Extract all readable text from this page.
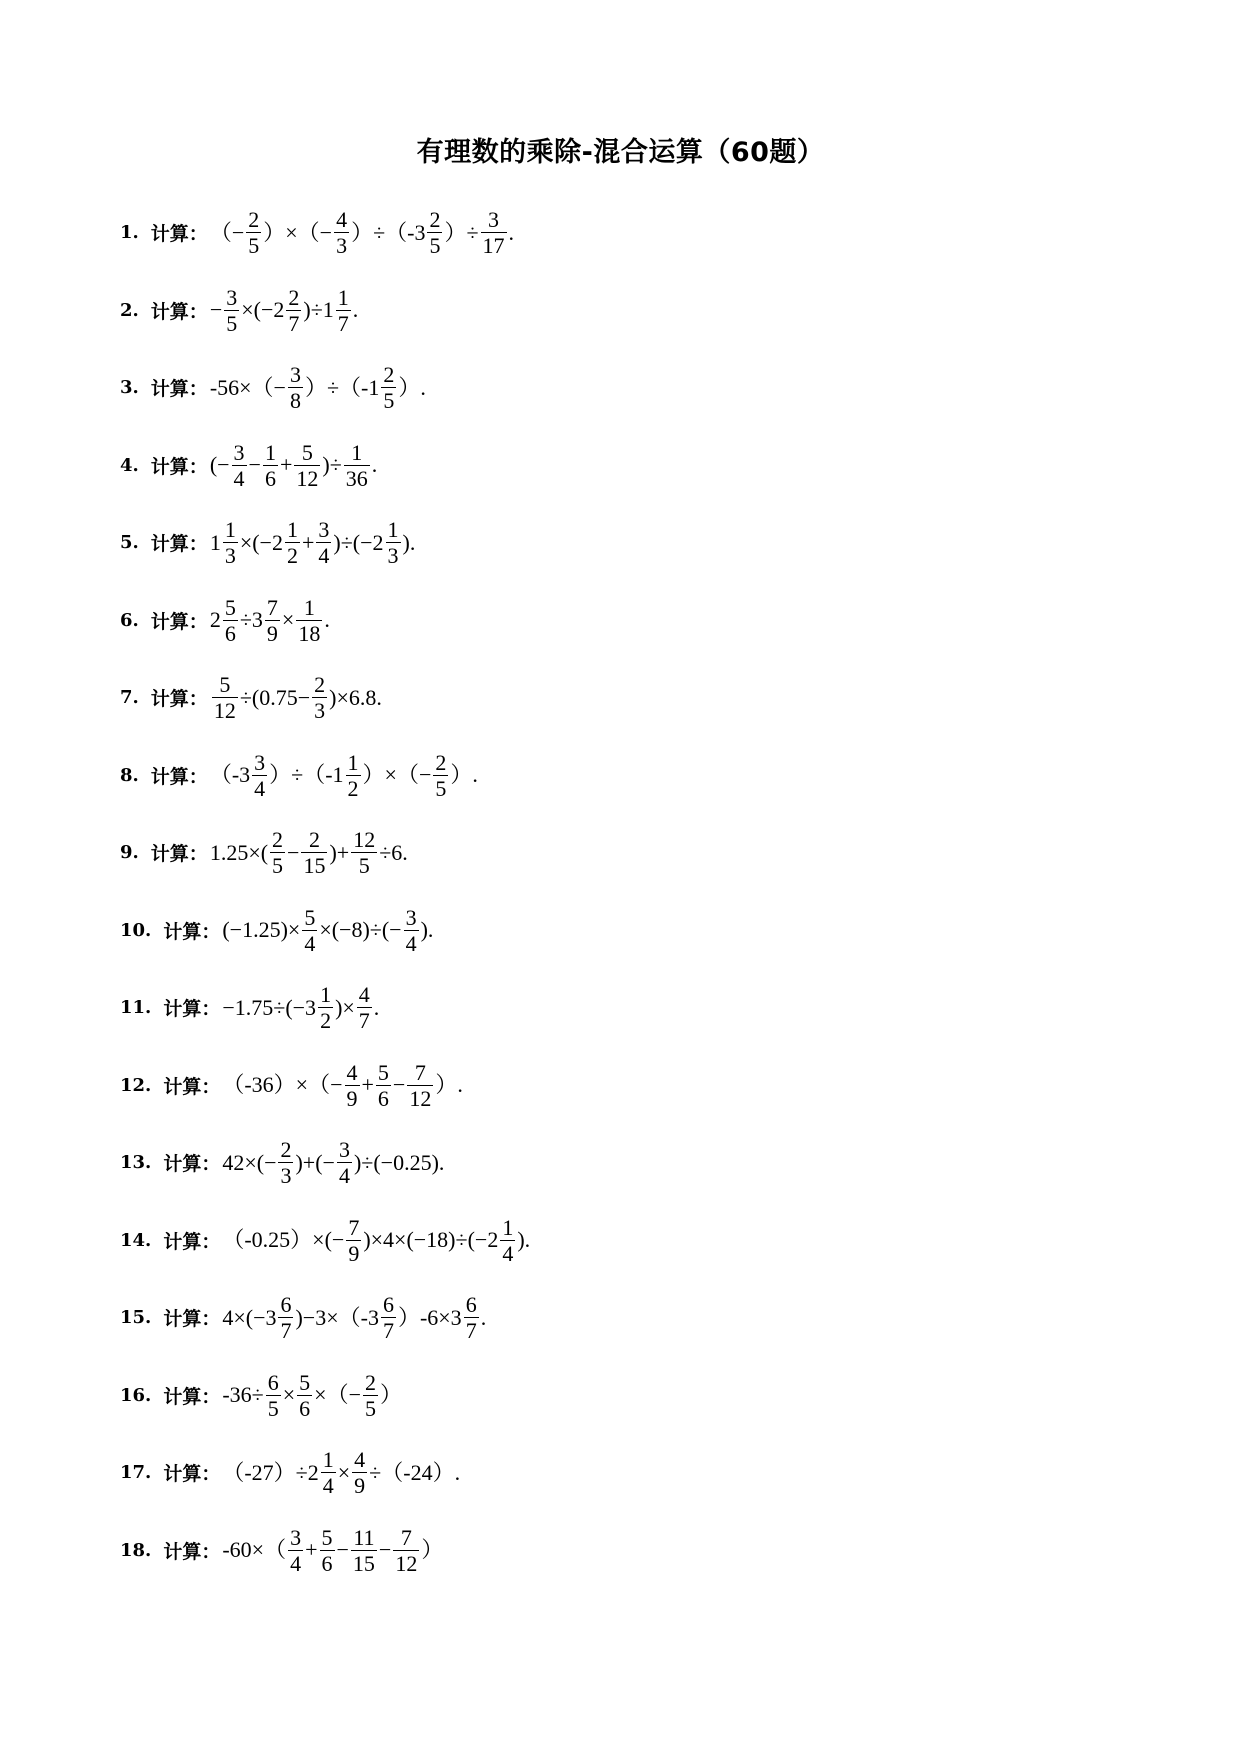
有理数的乘除-混合运算（60题）
1. 计算： （− $\frac{2}{5}$ ）×（− $\frac{4}{3} )\div(-3 \frac{2}{5}$ ）÷ $\frac{3}{17}$ .
2. 计算： − $\frac{3}{5} \times(-2 \frac{2}{7} )\div 1 \frac{1}{7}$ .
3. 计算： $-56\times(- \frac{3}{8} )\div(-1 \frac{2}{5}$ ）.
4. 计算： (− $\frac{3}{4} - \frac{1}{6} + \frac{5}{12}$ )÷ $\frac{1}{36}$ .
5. 计算： $1 \frac{1}{3} \times(-2 \frac{1}{2} + \frac{3}{4} )\div(-2 \frac{1}{3}$ ).
6. 计算： $2 \frac{5}{6} \div 3 \frac{7}{9} \times \frac{1}{18}$ .
7. 计算： $\frac{5}{12} \div(0.75- \frac{2}{3} )\times 6.8$.
8. 计算： $(-3 \frac{3}{4} )\div(-1 \frac{1}{2}$ ）×（− $\frac{2}{5}$ ）.
9. 计算： $1.25\times( \frac{2}{5} - \frac{2}{15}$ )+ $\frac{12}{5} \div 6$.
10. 计算： $(-1.25)\times \frac{5}{4} \times(-8)\div(- \frac{3}{4}$ ).
11. 计算： $-1.75\div(-3 \frac{1}{2}$ )× $\frac{4}{7}$ .
12. 计算： $(-36)\times(- \frac{4}{9} + \frac{5}{6} - \frac{7}{12}$ ）.
13. 计算： $42\times(- \frac{2}{3}$ )+(− $\frac{3}{4} )\div(-0.25)$.
14. 计算： $(-0.25)\times(- \frac{7}{9} )\times 4\times(-18)\div(-2 \frac{1}{4}$ ).
15. 计算： $4\times(-3 \frac{6}{7} )-3\times(-3 \frac{6}{7} )-6\times 3 \frac{6}{7}$ .
16. 计算： $-36\div \frac{6}{5} \times \frac{5}{6}$ ×（− $\frac{2}{5}$ ）
17. 计算： $(-27)\div 2 \frac{1}{4} \times \frac{4}{9} \div(-24)$.
18. 计算： $-60\times( \frac{3}{4} + \frac{5}{6} - \frac{11}{15} - \frac{7}{12}$ ）
